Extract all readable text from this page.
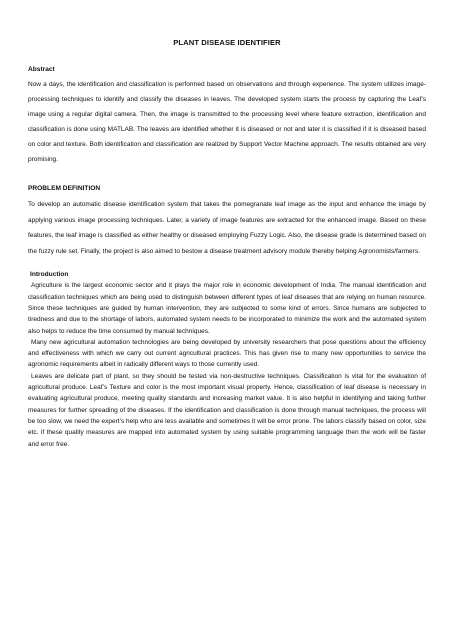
PLANT DISEASE IDENTIFIER
Abstract

Now a days, the identification and classification is performed based on observations and through experience. The system utilizes image-processing techniques to identify and classify the diseases in leaves. The developed system starts the process by capturing the Leaf’s image using a regular digital camera. Then, the image is transmitted to the processing level where feature extraction, identification and classification is done using MATLAB. The leaves are identified whether it is diseased or not and later it is classified if it is diseased based on color and texture. Both identification and classification are realized by Support Vector Machine approach. The results obtained are very promising.

PROBLEM DEFINITION

To develop an automatic disease identification system that takes the pomegranate leaf image as the input and enhance the image by applying various image processing techniques. Later, a variety of image features are extracted for the enhanced image. Based on these features, the leaf image is classified as either healthy or diseased employing Fuzzy Logic. Also, the disease grade is determined based on the fuzzy rule set. Finally, the project is also aimed to bestow a disease treatment advisory module thereby helping Agronomists/farmers.

Introduction

Agriculture is the largest economic sector and it plays the major role in economic development of India. The manual identification and classification techniques which are being used to distinguish between different types of leaf diseases that are relying on human resource. Since these techniques are guided by human intervention, they are subjected to some kind of errors. Since humans are subjected to tiredness and due to the shortage of labors, automated system needs to be incorporated to minimize the work and the automated system also helps to reduce the time consumed by manual techniques.

Many new agricultural automation technologies are being developed by university researchers that pose questions about the efficiency and effectiveness with which we carry out current agricultural practices. This has given rise to many new opportunities to service the agronomic requirements albeit in radically different ways to those currently used.

Leaves are delicate part of plant, so they should be tested via non-destructive techniques. Classification is vital for the evaluation of agricultural produce. Leaf’s Texture and color is the most important visual property. Hence, classification of leaf disease is necessary in evaluating agricultural produce, meeting quality standards and increasing market value. It is also helpful in identifying and taking further measures for further spreading of the diseases. If the identification and classification is done through manual techniques, the process will be too slow, we need the expert’s help who are less available and sometimes it will be error prone. The labors classify based on color, size etc. if these quality measures are mapped into automated system by using suitable programming language then the work will be faster and error free.
